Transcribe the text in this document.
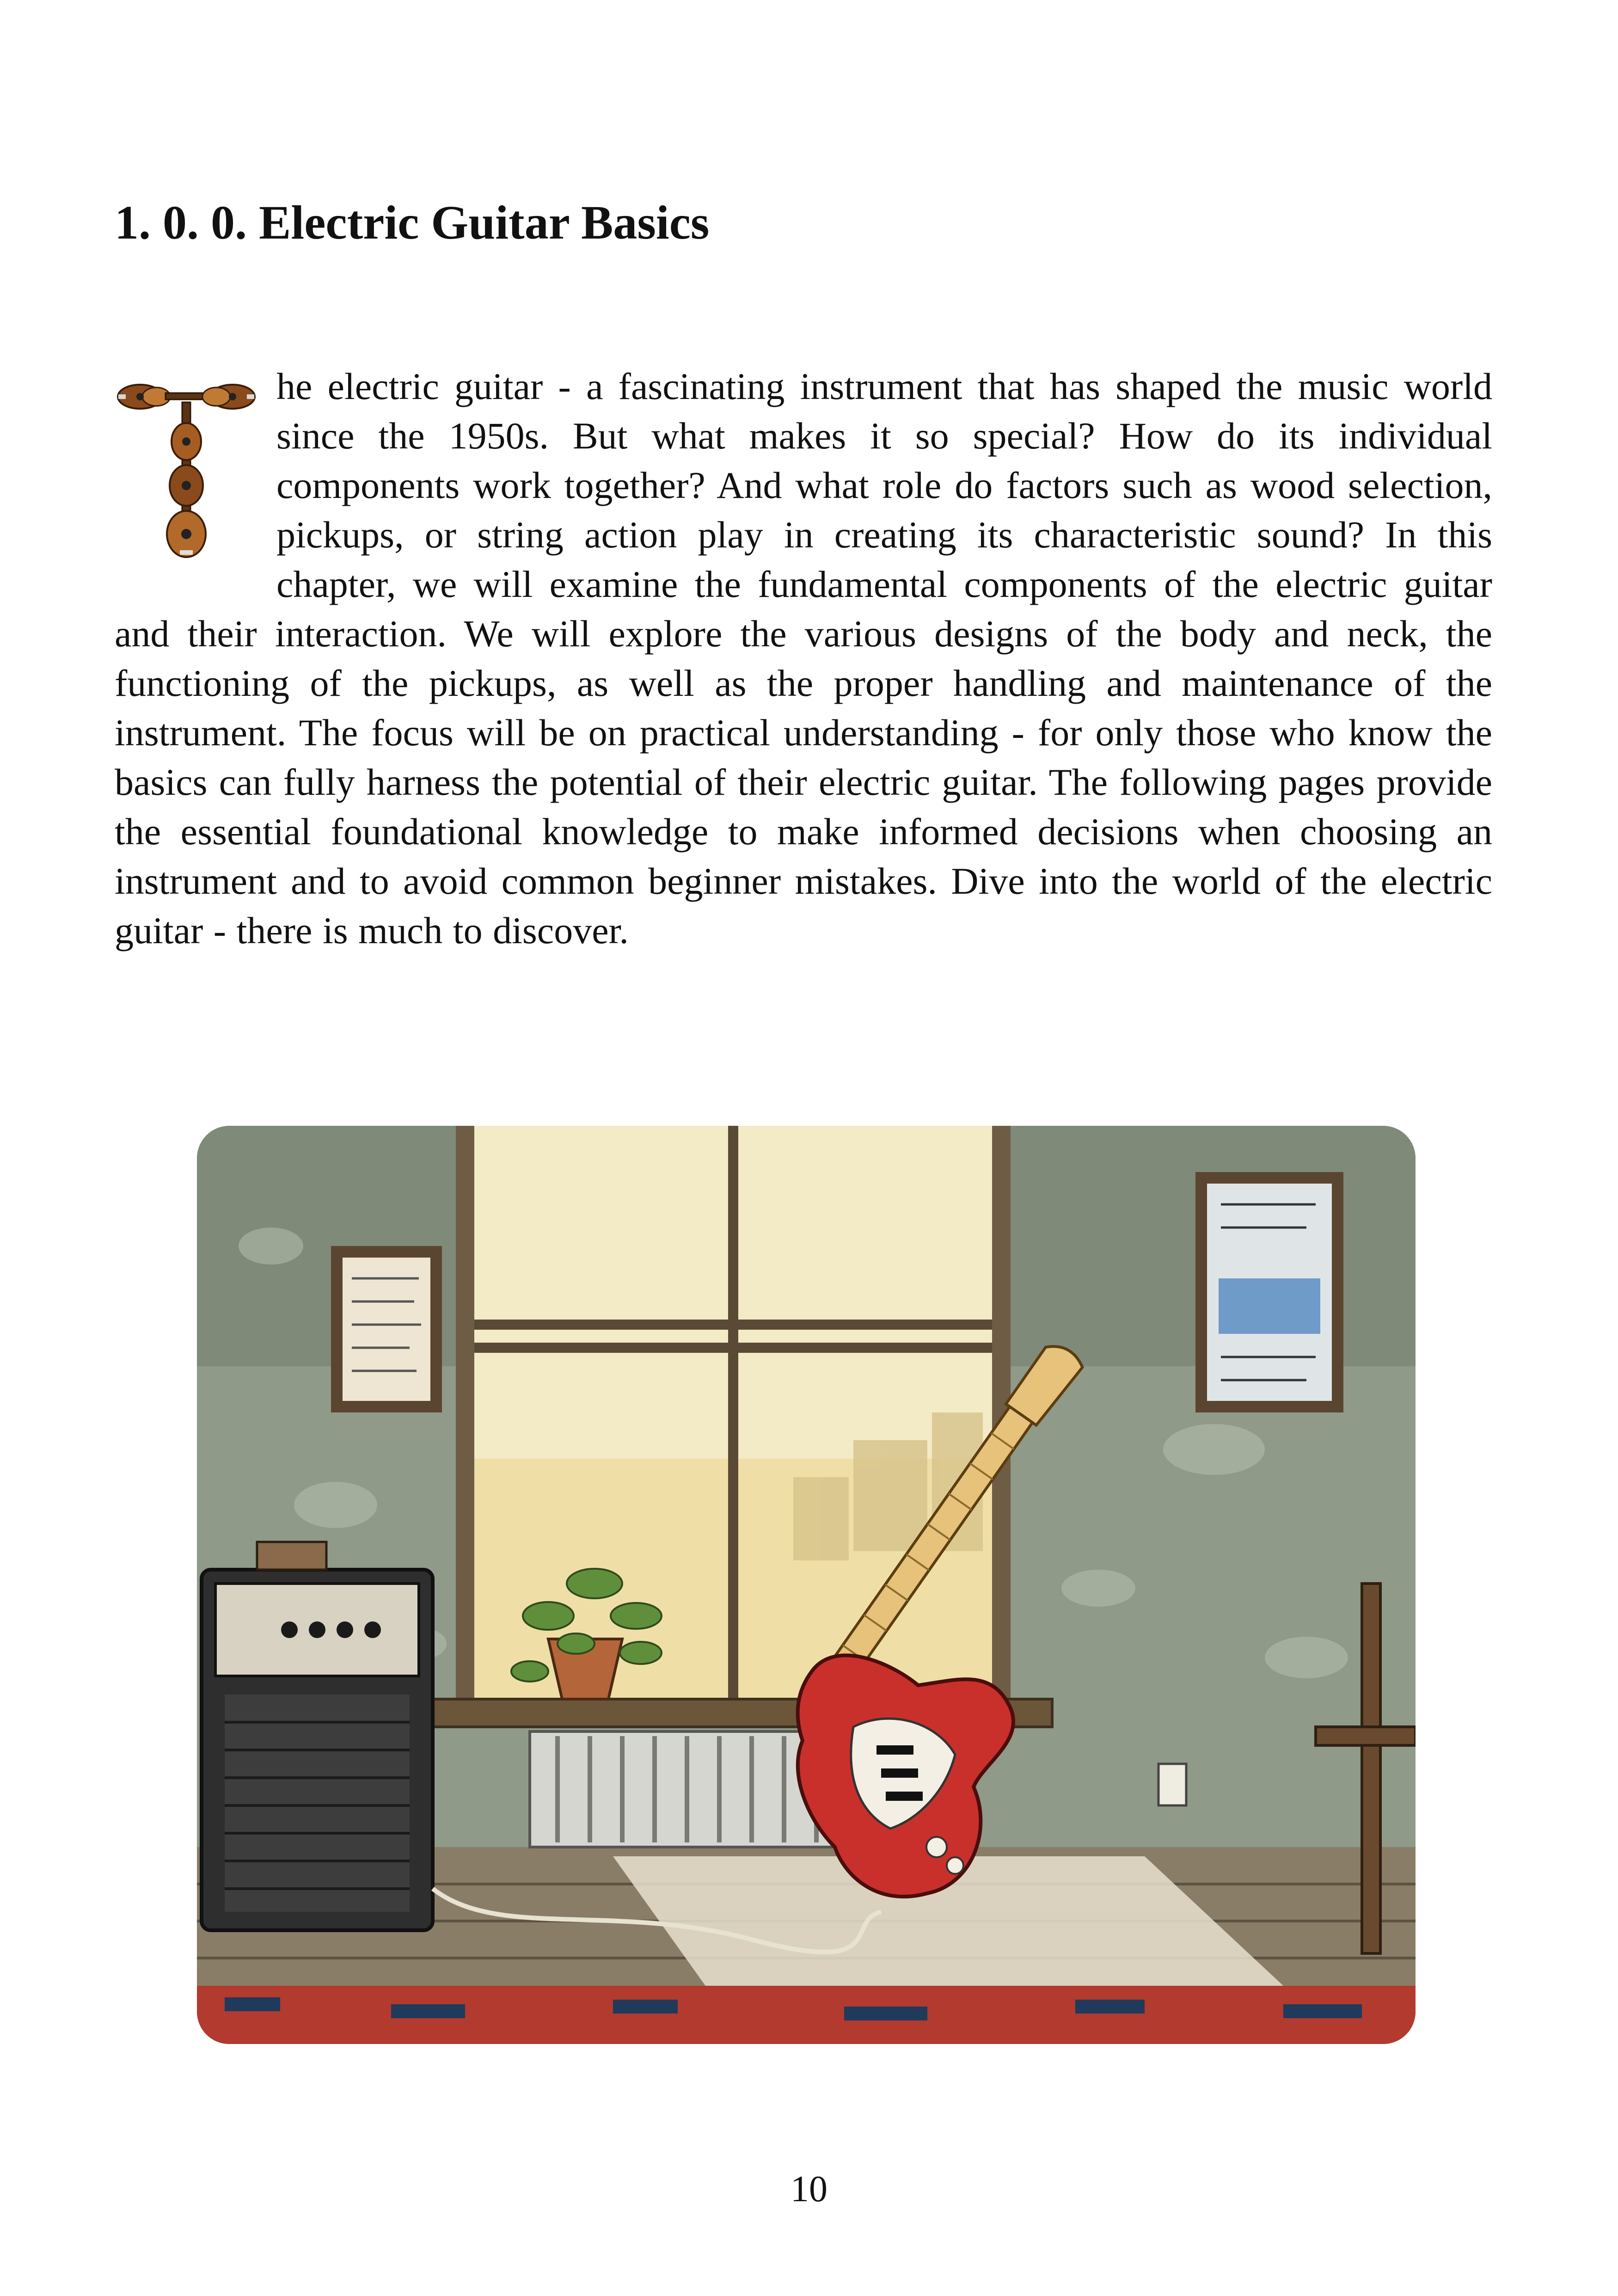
1. 0. 0. Electric Guitar Basics
he electric guitar - a fascinating instrument that has shaped the music world since the 1950s. But what makes it so special? How do its individual components work together? And what role do factors such as wood selection, pickups, or string action play in creating its characteristic sound? In this chapter, we will examine the fundamental components of the electric guitar and their interaction. We will explore the various designs of the body and neck, the functioning of the pickups, as well as the proper handling and maintenance of the instrument. The focus will be on practical understanding - for only those who know the basics can fully harness the potential of their electric guitar. The following pages provide the essential foundational knowledge to make informed decisions when choosing an instrument and to avoid common beginner mistakes. Dive into the world of the electric guitar - there is much to discover.
10
